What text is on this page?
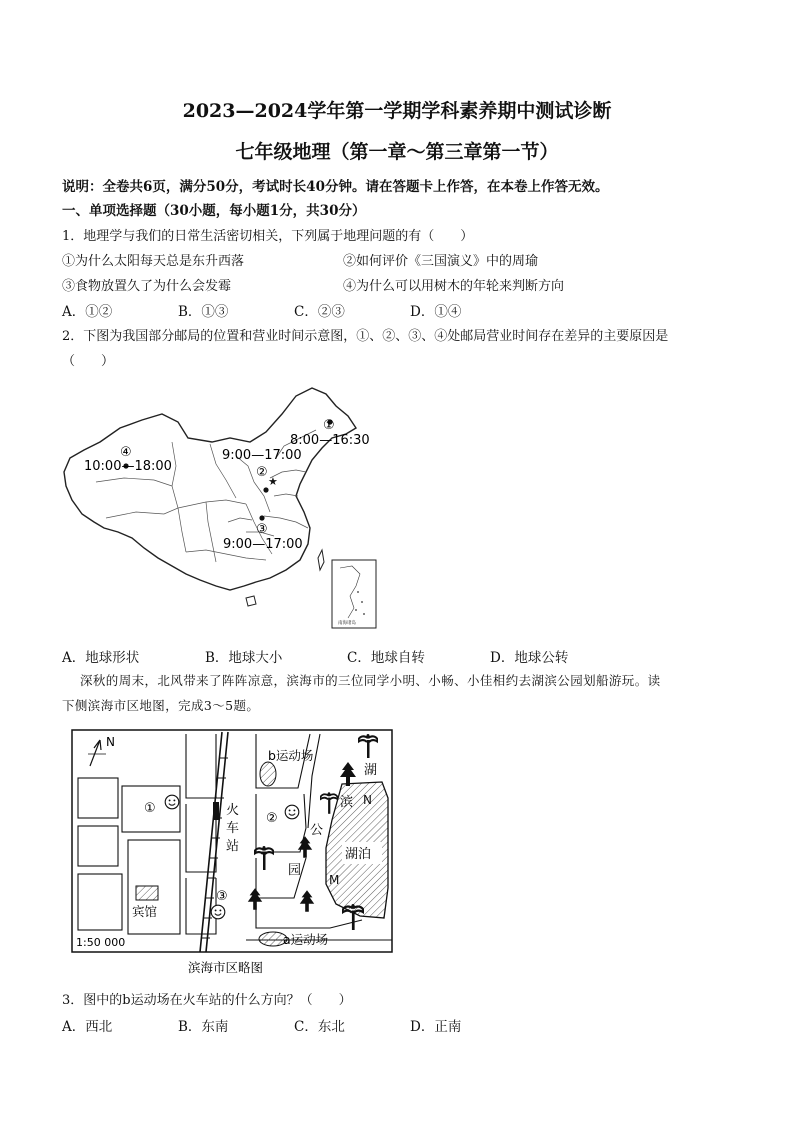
2023—2024学年第一学期学科素养期中测试诊断
七年级地理（第一章～第三章第一节）
说明：全卷共6页，满分50分，考试时长40分钟。请在答题卡上作答，在本卷上作答无效。
一、单项选择题（30小题，每小题1分，共30分）
1．地理学与我们的日常生活密切相关，下列属于地理问题的有（　　）
①为什么太阳每天总是东升西落	②如何评价《三国演义》中的周瑜
③食物放置久了为什么会发霉	④为什么可以用树木的年轮来判断方向
A．①②	B．①③	C．②③	D．①④
2．下图为我国部分邮局的位置和营业时间示意图，①、②、③、④处邮局营业时间存在差异的主要原因是
（　　）
南海诸岛
★
①
8:00—16:30
9:00—17:00
②
④
10:00—18:00
③
9:00—17:00
A．地球形状	B．地球大小	C．地球自转	D．地球公转
深秋的周末，北风带来了阵阵凉意，滨海市的三位同学小明、小畅、小佳相约去湖滨公园划船游玩。读
下侧滨海市区地图，完成3～5题。
N
b运动场
a运动场
湖泊
N
M
宾馆
火
车
站
湖
滨
公
园
①
②
③
1:50 000
滨海市区略图
3．图中的b运动场在火车站的什么方向？（　　）
A．西北	B．东南	C．东北	D．正南
